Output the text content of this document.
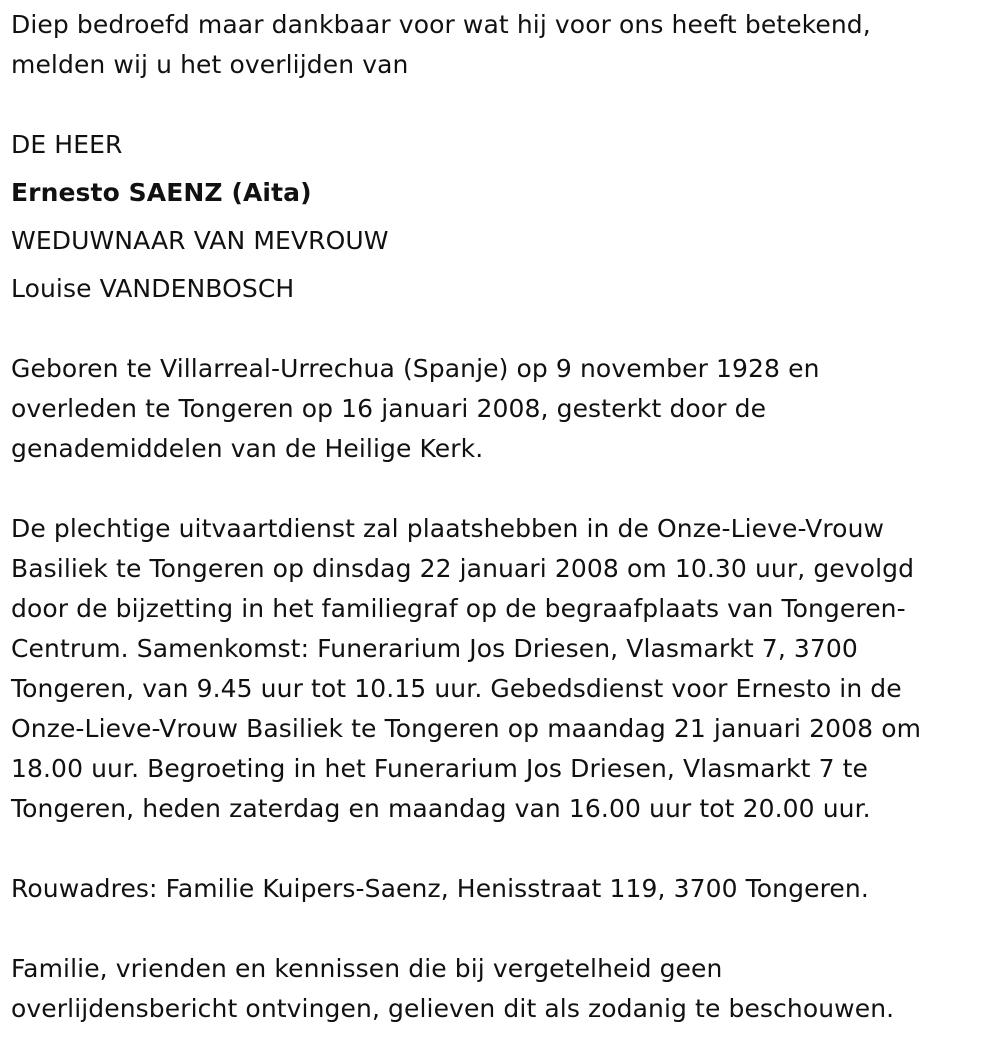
Diep bedroefd maar dankbaar voor wat hij voor ons heeft betekend,

melden wij u het overlijden van

DE HEER

Ernesto SAENZ (Aita)

WEDUWNAAR VAN MEVROUW

Louise VANDENBOSCH

Geboren te Villarreal-Urrechua (Spanje) op 9 november 1928 en

overleden te Tongeren op 16 januari 2008, gesterkt door de

genademiddelen van de Heilige Kerk.

De plechtige uitvaartdienst zal plaatshebben in de Onze-Lieve-Vrouw

Basiliek te Tongeren op dinsdag 22 januari 2008 om 10.30 uur, gevolgd

door de bijzetting in het familiegraf op de begraafplaats van Tongeren-

Centrum. Samenkomst: Funerarium Jos Driesen, Vlasmarkt 7, 3700

Tongeren, van 9.45 uur tot 10.15 uur. Gebedsdienst voor Ernesto in de

Onze-Lieve-Vrouw Basiliek te Tongeren op maandag 21 januari 2008 om

18.00 uur. Begroeting in het Funerarium Jos Driesen, Vlasmarkt 7 te

Tongeren, heden zaterdag en maandag van 16.00 uur tot 20.00 uur.

Rouwadres: Familie Kuipers-Saenz, Henisstraat 119, 3700 Tongeren.

Familie, vrienden en kennissen die bij vergetelheid geen

overlijdensbericht ontvingen, gelieven dit als zodanig te beschouwen.
